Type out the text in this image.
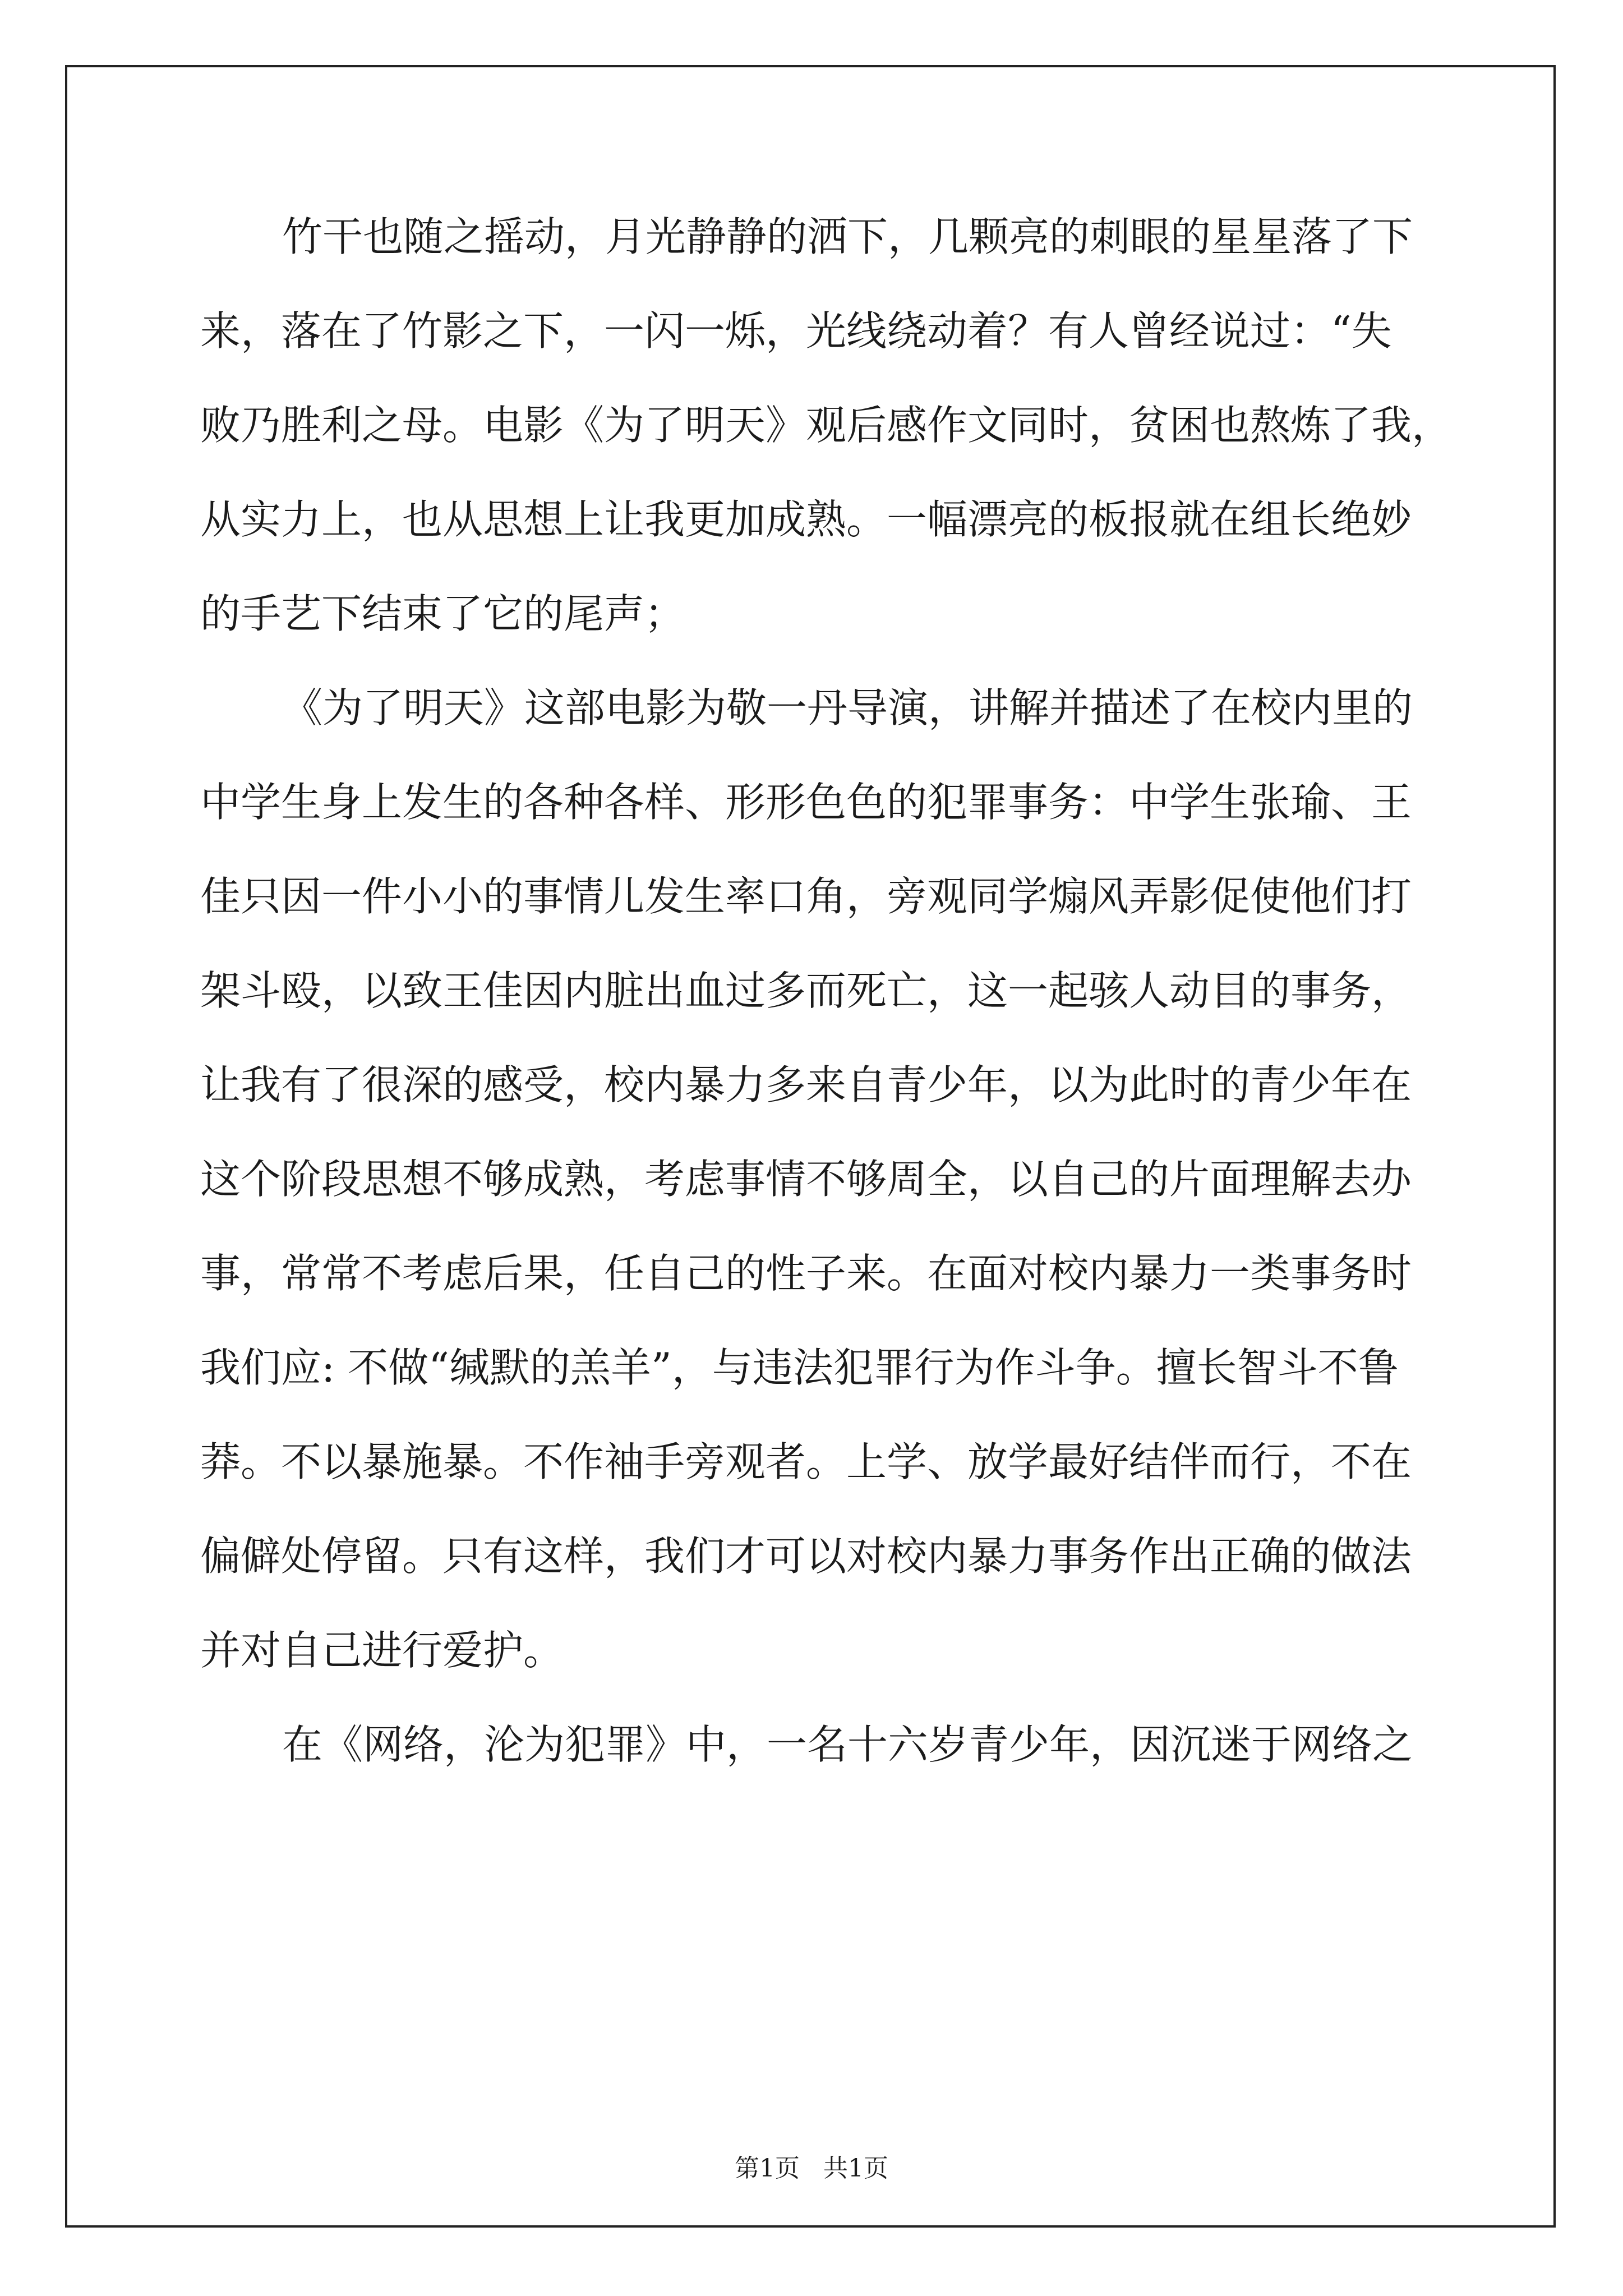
竹干也随之摇动，月光静静的洒下，几颗亮的刺眼的星星落了下
来，落在了竹影之下，一闪一烁，光线绕动着？有人曾经说过：“失
败乃胜利之母。电影《为了明天》观后感作文同时，贫困也熬炼了我，
从实力上，也从思想上让我更加成熟。一幅漂亮的板报就在组长绝妙
的手艺下结束了它的尾声；
《为了明天》这部电影为敬一丹导演，讲解并描述了在校内里的
中学生身上发生的各种各样、形形色色的犯罪事务：中学生张瑜、王
佳只因一件小小的事情儿发生率口角，旁观同学煽风弄影促使他们打
架斗殴，以致王佳因内脏出血过多而死亡，这一起骇人动目的事务，
让我有了很深的感受，校内暴力多来自青少年，以为此时的青少年在
这个阶段思想不够成熟，考虑事情不够周全，以自己的片面理解去办
事，常常不考虑后果，任自己的性子来。在面对校内暴力一类事务时
我们应: 不做“缄默的羔羊”，与违法犯罪行为作斗争。擅长智斗不鲁
莽。不以暴施暴。不作袖手旁观者。上学、放学最好结伴而行，不在
偏僻处停留。只有这样，我们才可以对校内暴力事务作出正确的做法
并对自己进行爱护。
在《网络，沦为犯罪》中，一名十六岁青少年，因沉迷于网络之
第1页   共1页
